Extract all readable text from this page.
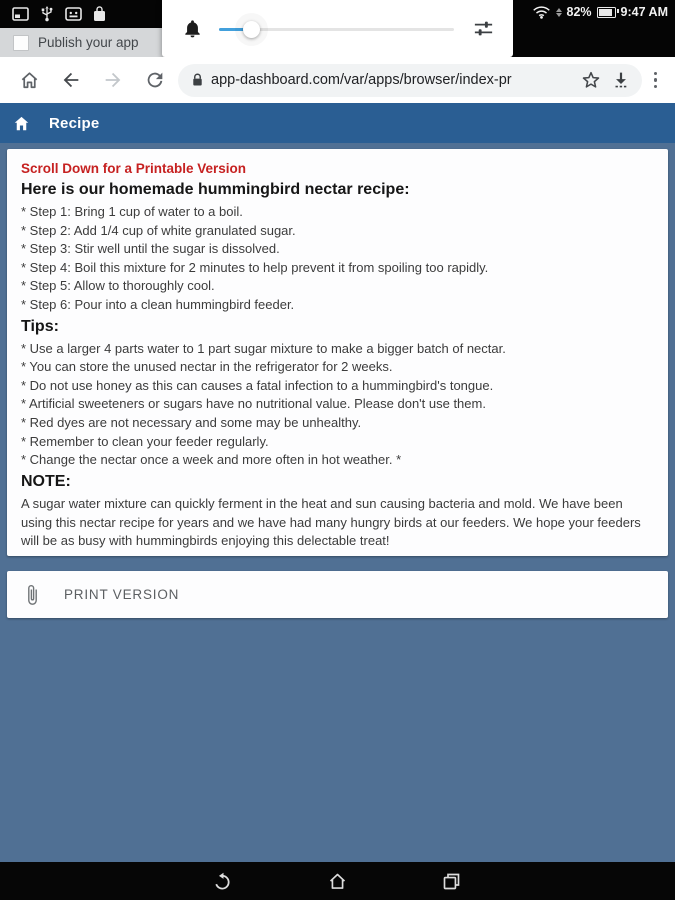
82% 9:47 AM
Publish your app
app-dashboard.com/var/apps/browser/index-pr
Recipe
Scroll Down for a Printable Version
Here is our homemade hummingbird nectar recipe:
* Step 1: Bring 1 cup of water to a boil.
* Step 2: Add 1/4 cup of white granulated sugar.
* Step 3: Stir well until the sugar is dissolved.
* Step 4: Boil this mixture for 2 minutes to help prevent it from spoiling too rapidly.
* Step 5: Allow to thoroughly cool.
* Step 6: Pour into a clean hummingbird feeder.
Tips:
* Use a larger 4 parts water to 1 part sugar mixture to make a bigger batch of nectar.
* You can store the unused nectar in the refrigerator for 2 weeks.
* Do not use honey as this can causes a fatal infection to a hummingbird's tongue.
* Artificial sweeteners or sugars have no nutritional value. Please don't use them.
* Red dyes are not necessary and some may be unhealthy.
* Remember to clean your feeder regularly.
* Change the nectar once a week and more often in hot weather. *
NOTE:
A sugar water mixture can quickly ferment in the heat and sun causing bacteria and mold. We have been using this nectar recipe for years and we have had many hungry birds at our feeders. We hope your feeders will be as busy with hummingbirds enjoying this delectable treat!
PRINT VERSION
